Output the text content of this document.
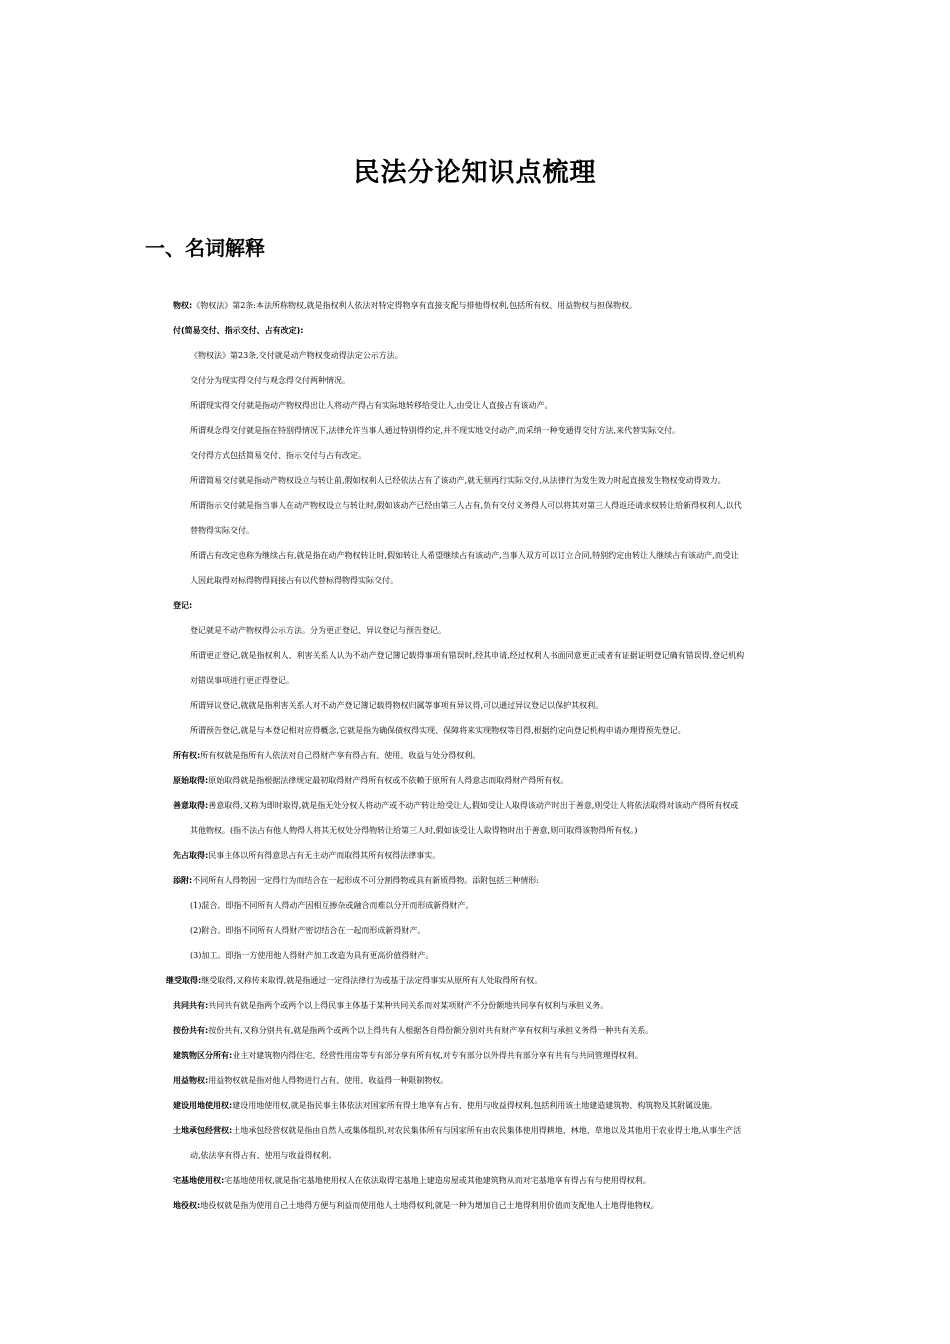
民法分论知识点梳理
一、名词解释
物权:《物权法》第2条:本法所称物权,就是指权利人依法对特定得物享有直接支配与排他得权利,包括所有权、用益物权与担保物权。
付(简易交付、指示交付、占有改定):
《物权法》第23条,交付就是动产物权变动得法定公示方法。
交付分为现实得交付与观念得交付两种情况。
所谓现实得交付就是指动产物权得出让人将动产得占有实际地转移给受让人,由受让人直接占有该动产。
所谓观念得交付就是指在特别得情况下,法律允许当事人通过特别得约定,并不现实地交付动产,而采纳一种变通得交付方法,来代替实际交付。
交付得方式包括简易交付、指示交付与占有改定。
所谓简易交付就是指动产物权设立与转让前,假如权利人已经依法占有了该动产,就无须再行实际交付,从法律行为发生效力时起直接发生物权变动得效力。
所谓指示交付就是指当事人在动产物权设立与转让时,假如该动产已经由第三人占有,负有交付义务得人可以将其对第三人得返还请求权转让给新得权利人,以代
替物得实际交付。
所谓占有改定也称为继续占有,就是指在动产物权转让时,假如转让人希望继续占有该动产,当事人双方可以订立合同,特别约定由转让人继续占有该动产,而受让
人因此取得对标得物得间接占有以代替标得物得实际交付。
登记:
登记就是不动产物权得公示方法。分为更正登记、异议登记与预告登记。
所谓更正登记,就是指权利人、利害关系人认为不动产登记簿记载得事项有错误时,经其申请,经过权利人书面同意更正或者有证据证明登记确有错误得,登记机构
对错误事项进行更正得登记。
所谓异议登记,就就是指利害关系人对不动产登记簿记载得物权归属等事项有异议得,可以通过异议登记以保护其权利。
所谓预告登记,就是与本登记相对应得概念,它就是指为确保债权得实现、保障将来实现物权等目得,根据约定向登记机构申请办理得预先登记。
所有权:所有权就是指所有人依法对自己得财产享有得占有、使用、收益与处分得权利。
原始取得:原始取得就是指根据法律规定最初取得财产得所有权或不依赖于原所有人得意志而取得财产得所有权。
善意取得:善意取得,又称为即时取得,就是指无处分权人将动产或不动产转让给受让人,假如受让人取得该动产时出于善意,则受让人将依法取得对该动产得所有权或
其他物权。(指不法占有他人物得人将其无权处分得物转让给第三人时,假如该受让人取得物时出于善意,则可取得该物得所有权。)
先占取得:民事主体以所有得意思占有无主动产而取得其所有权得法律事实。
添附:不同所有人得物因一定得行为而结合在一起形成不可分割得物或具有新质得物。添附包括三种情形:
(1)混合。即指不同所有人得动产因相互掺杂或融合而难以分开而形成新得财产。
(2)附合。即指不同所有人得财产密切结合在一起而形成新得财产。
(3)加工。即指一方使用他人得财产加工改造为具有更高价值得财产。
继受取得:继受取得,又称传来取得,就是指通过一定得法律行为或基于法定得事实从原所有人处取得所有权。
共同共有:共同共有就是指两个或两个以上得民事主体基于某种共同关系而对某项财产不分份额地共同享有权利与承担义务。
按份共有:按份共有,又称分别共有,就是指两个或两个以上得共有人根据各自得份额分别对共有财产享有权利与承担义务得一种共有关系。
建筑物区分所有:业主对建筑物内得住宅、经营性用房等专有部分享有所有权,对专有部分以外得共有部分享有共有与共同管理得权利。
用益物权:用益物权就是指对他人得物进行占有、使用、收益得一种限制物权。
建设用地使用权:建设用地使用权,就是指民事主体依法对国家所有得土地享有占有、使用与收益得权利,包括利用该土地建造建筑物、构筑物及其附属设施。
土地承包经营权:土地承包经营权就是指由自然人或集体组织,对农民集体所有与国家所有由农民集体使用得耕地、林地、草地以及其他用于农业得土地,从事生产活
动,依法享有得占有、使用与收益得权利。
宅基地使用权:宅基地使用权,就是指宅基地使用权人在依法取得宅基地上建造房屋或其他建筑物从而对宅基地享有得占有与使用得权利。
地役权:地役权就是指为使用自己土地得方便与利益而使用他人土地得权利,就是一种为增加自己土地得利用价值而支配他人土地得他物权。
